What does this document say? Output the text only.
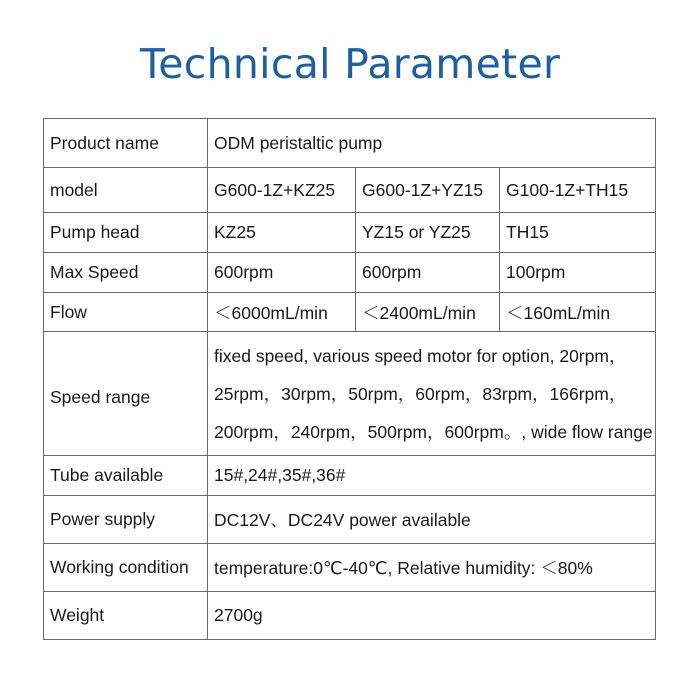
Technical Parameter
Product name	ODM peristaltic pump		
model	G600-1Z+KZ25	G600-1Z+YZ15	G100-1Z+TH15
Pump head	KZ25	YZ15 or YZ25	TH15
Max Speed	600rpm	600rpm	100rpm
Flow	＜6000mL/min	＜2400mL/min	＜160mL/min

Speed range	fixed speed, various speed motor for option, 20rpm，
25rpm，30rpm，50rpm，60rpm，83rpm，166rpm，
200rpm，240rpm，500rpm，600rpm。, wide flow range		

Tube available	15#,24#,35#,36#		
Power supply	DC12V、DC24V power available		
Working condition	temperature:0℃-40℃, Relative humidity: ＜80%		
Weight	2700g		
